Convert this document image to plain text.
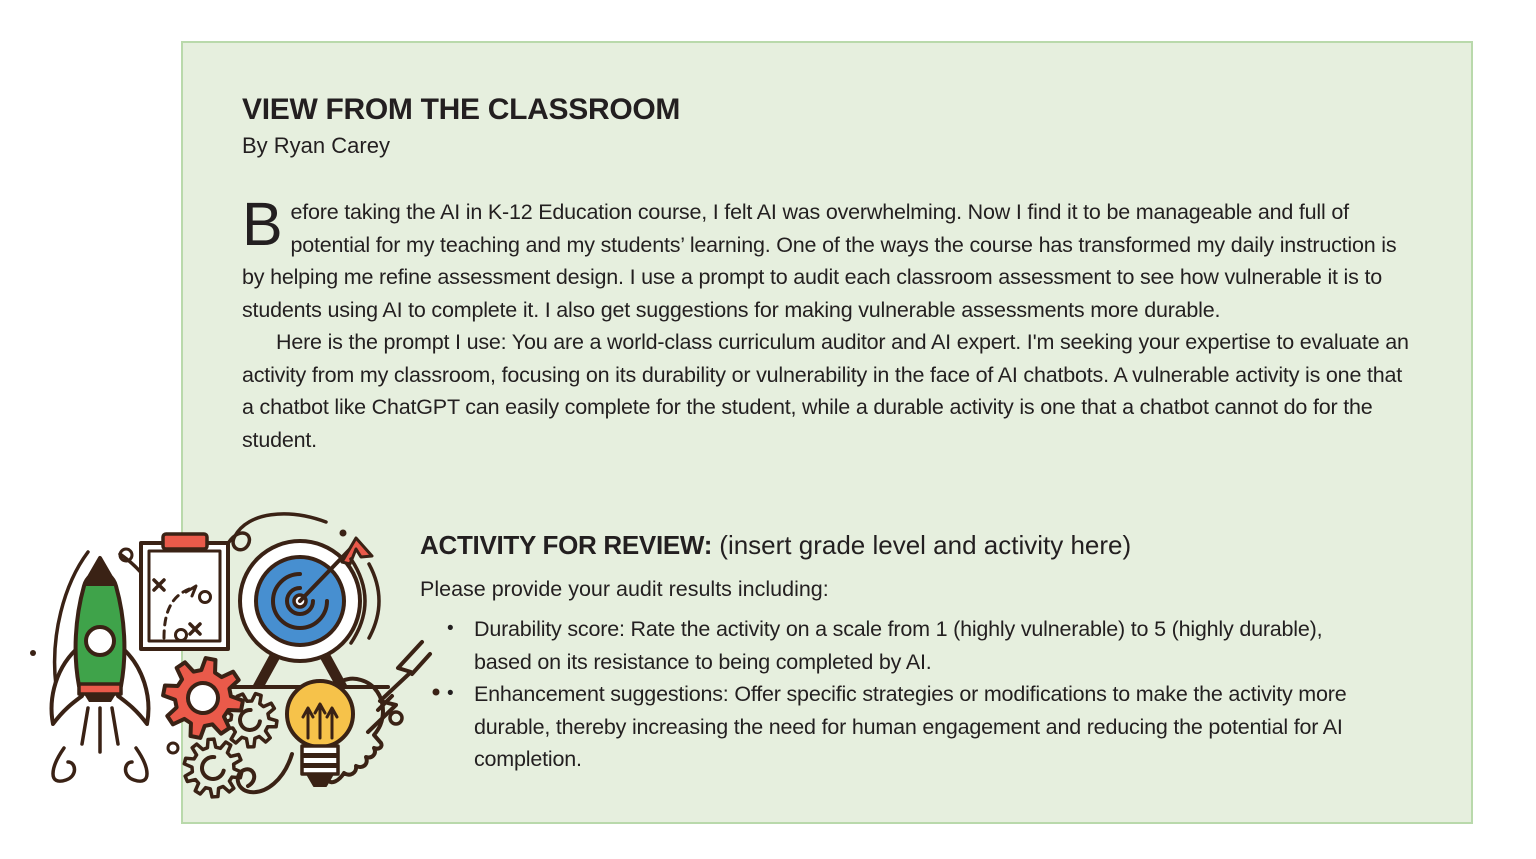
VIEW FROM THE CLASSROOM
By Ryan Carey

Before taking the AI in K-12 Education course, I felt AI was overwhelming. Now I find it to be manageable and full of potential for my teaching and my students’ learning. One of the ways the course has transformed my daily instruction is by helping me refine assessment design. I use a prompt to audit each classroom assessment to see how vulnerable it is to students using AI to complete it. I also get suggestions for making vulnerable assessments more durable.

Here is the prompt I use: You are a world-class curriculum auditor and AI expert. I'm seeking your expertise to evaluate an activity from my classroom, focusing on its durability or vulnerability in the face of AI chatbots. A vulnerable activity is one that a chatbot like ChatGPT can easily complete for the student, while a durable activity is one that a chatbot cannot do for the student.

ACTIVITY FOR REVIEW: (insert grade level and activity here)
Please provide your audit results including:
• Durability score: Rate the activity on a scale from 1 (highly vulnerable) to 5 (highly durable), based on its resistance to being completed by AI.
• Enhancement suggestions: Offer specific strategies or modifications to make the activity more durable, thereby increasing the need for human engagement and reducing the potential for AI completion.
